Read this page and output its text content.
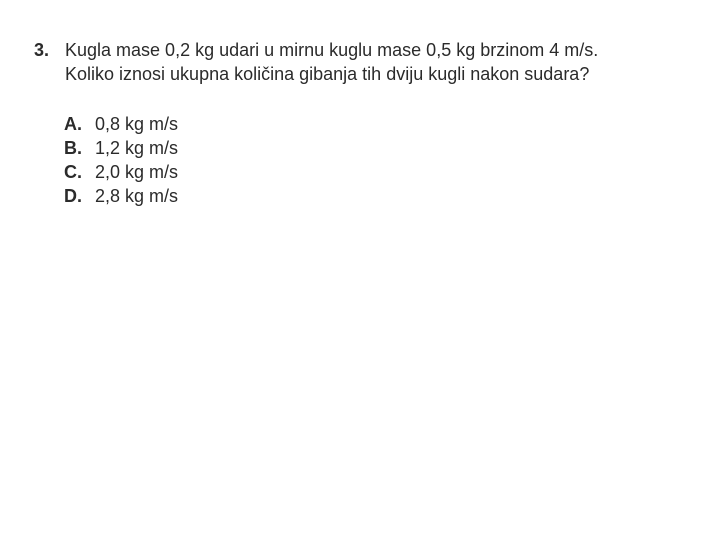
3. Kugla mase 0,2 kg udari u mirnu kuglu mase 0,5 kg brzinom 4 m/s.
Koliko iznosi ukupna količina gibanja tih dviju kugli nakon sudara?
A. 0,8 kg m/s
B. 1,2 kg m/s
C. 2,0 kg m/s
D. 2,8 kg m/s
